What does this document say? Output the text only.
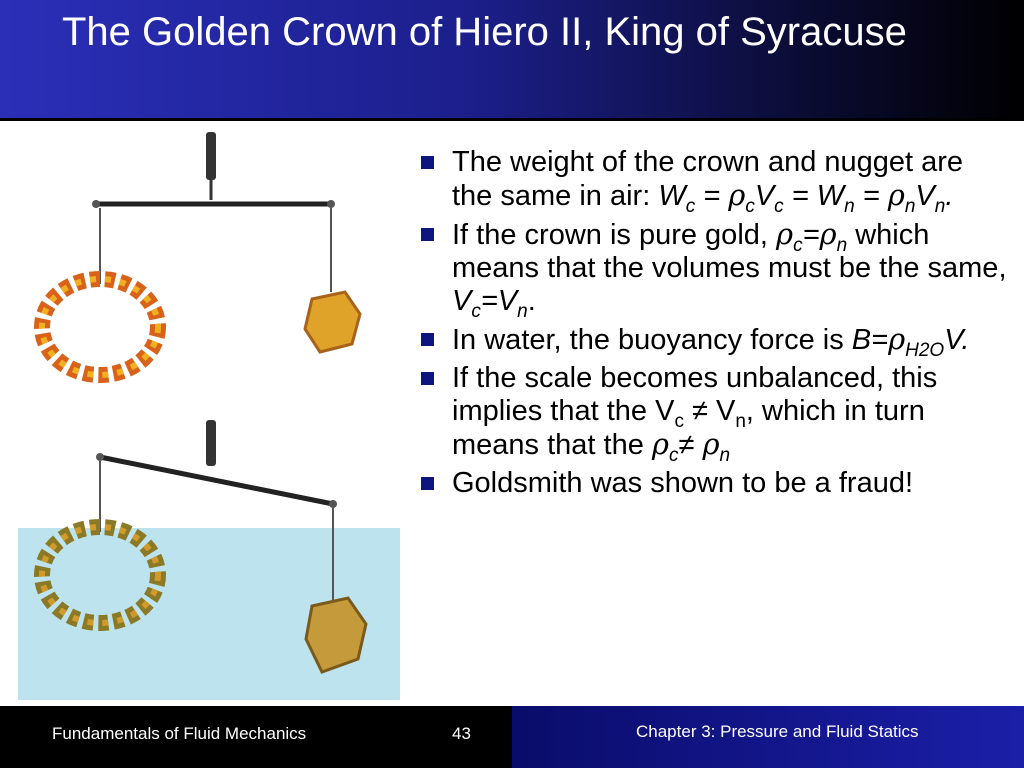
The Golden Crown of Hiero II, King of Syracuse
The weight of the crown and nugget are the same in air: $W_c = \rho_cV_c = W_n = \rho_nV_n$.
If the crown is pure gold, $\rho_c=\rho_n$ which means that the volumes must be the same, $V_c=V_n$.
In water, the buoyancy force is $B=\rho_{H2O}V$.
If the scale becomes unbalanced, this implies that the $V_c \ne V_n$, which in turn means that the $\rho_c\ne \rho_n$
Goldsmith was shown to be a fraud!
Fundamentals of Fluid Mechanics	43	Chapter 3: Pressure and Fluid Statics
